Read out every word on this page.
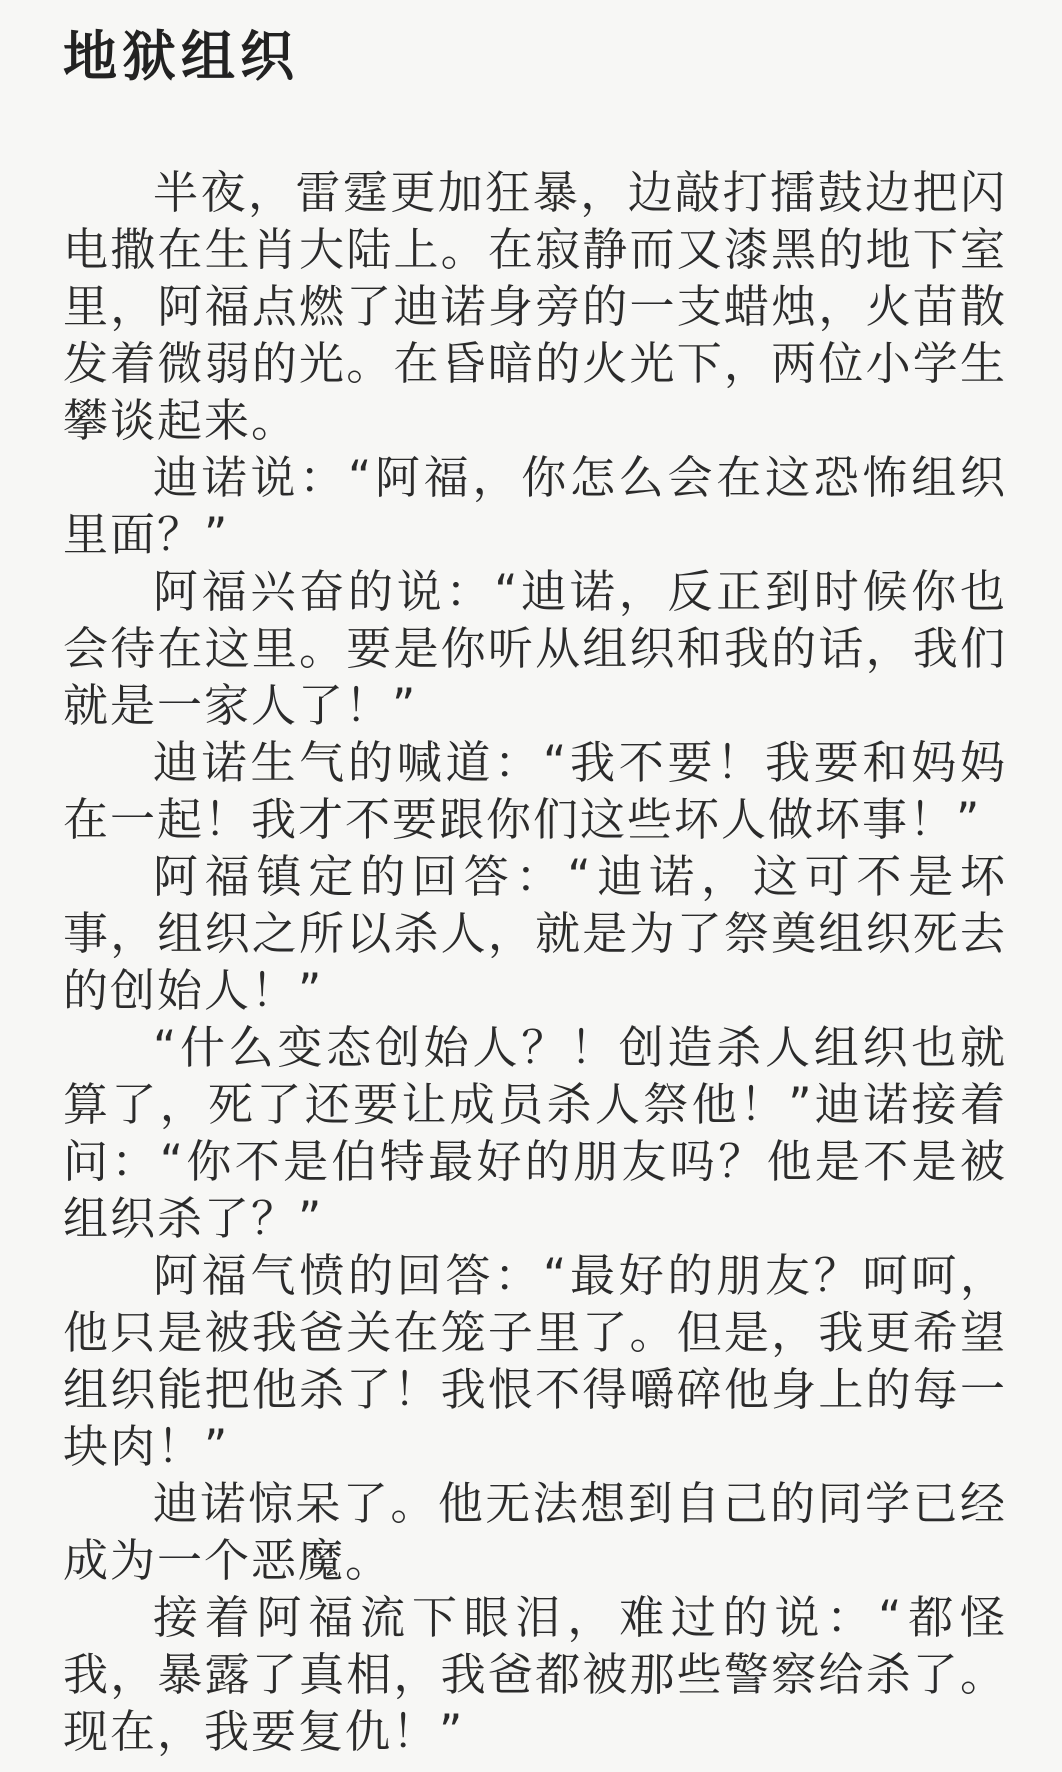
地狱组织

半夜，雷霆更加狂暴，边敲打擂鼓边把闪电撒在生肖大陆上。在寂静而又漆黑的地下室里，阿福点燃了迪诺身旁的一支蜡烛，火苗散发着微弱的光。在昏暗的火光下，两位小学生攀谈起来。

迪诺说：“阿福，你怎么会在这恐怖组织里面？”

阿福兴奋的说：“迪诺，反正到时候你也会待在这里。要是你听从组织和我的话，我们就是一家人了！”

迪诺生气的喊道：“我不要！我要和妈妈在一起！我才不要跟你们这些坏人做坏事！”

阿福镇定的回答：“迪诺，这可不是坏事，组织之所以杀人，就是为了祭奠组织死去的创始人！”

“什么变态创始人？！创造杀人组织也就算了，死了还要让成员杀人祭他！”迪诺接着问：“你不是伯特最好的朋友吗？他是不是被组织杀了？”

阿福气愤的回答：“最好的朋友？呵呵，他只是被我爸关在笼子里了。但是，我更希望组织能把他杀了！我恨不得嚼碎他身上的每一块肉！”

迪诺惊呆了。他无法想到自己的同学已经成为一个恶魔。

接着阿福流下眼泪，难过的说：“都怪我，暴露了真相，我爸都被那些警察给杀了。现在，我要复仇！”
